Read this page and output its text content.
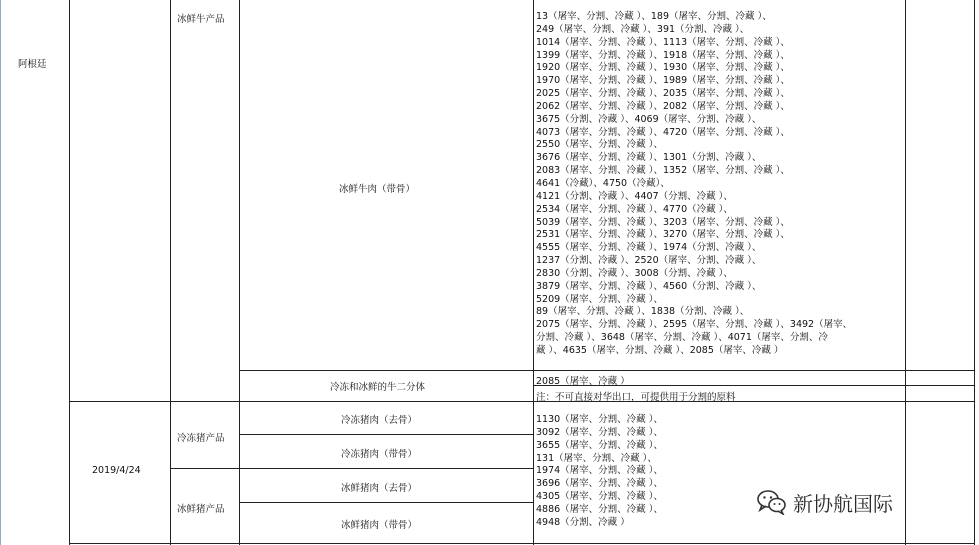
阿根廷
2019/4/24
冰鲜牛产品
冰鲜牛肉（带骨）
13（屠宰、分割、冷藏 ）、189（屠宰、分割、冷藏 ）、
249（屠宰、分割、冷藏 ）、391（分割、冷藏 ）、
1014（屠宰、分割、冷藏 ）、1113（屠宰、分割、冷藏 ）、
1399（屠宰、分割、冷藏 ）、1918（屠宰、分割、冷藏 ）、
1920（屠宰、分割、冷藏 ）、1930（屠宰、分割、冷藏 ）、
1970（屠宰、分割、冷藏 ）、1989（屠宰、分割、冷藏 ）、
2025（屠宰、分割、冷藏 ）、2035（屠宰、分割、冷藏 ）、
2062（屠宰、分割、冷藏 ）、2082（屠宰、分割、冷藏 ）、
3675（分割、冷藏 ）、4069（屠宰、分割、冷藏 ）、
4073（屠宰、分割、冷藏 ）、4720（屠宰、分割、冷藏 ）、
2550（屠宰、分割、冷藏 ）、
3676（屠宰、分割、冷藏 ）、1301（分割、冷藏 ）、
2083（屠宰、分割、冷藏 ）、1352（屠宰、分割、冷藏 ）、
4641（冷藏）、4750（冷藏）、
4121（分割、冷藏 ）、4407（分割、冷藏 ）、
2534（屠宰、分割、冷藏 ）、4770（冷藏 ）、
5039（屠宰、分割、冷藏 ）、3203（屠宰、分割、冷藏 ）、
2531（屠宰、分割、冷藏 ）、3270（屠宰、分割、冷藏 ）、
4555（屠宰、分割、冷藏 ）、1974（分割、冷藏 ）、
1237（分割、冷藏 ）、2520（屠宰、分割、冷藏 ）、
2830（分割、冷藏 ）、3008（分割、冷藏 ）、
3879（屠宰、分割、冷藏 ）、4560（分割、冷藏 ）、
5209（屠宰、分割、冷藏 ）、
89（屠宰、分割、冷藏 ）、1838（分割、冷藏 ）、
2075（屠宰、分割、冷藏 ）、2595（屠宰、分割、冷藏 ）、3492（屠宰、
分割、冷藏 ）、3648（屠宰、分割、冷藏 ）、4071（屠宰、分割、冷
藏 ）、4635（屠宰、分割、冷藏 ）、2085（屠宰、冷藏 ）
冷冻和冰鲜的牛二分体
2085（屠宰、冷藏 ）
注：不可直接对华出口，可提供用于分割的原料
冷冻猪产品
冰鲜猪产品
冷冻猪肉（去骨）
冷冻猪肉（带骨）
冰鲜猪肉（去骨）
冰鲜猪肉（带骨）
1130（屠宰、分割、冷藏 ）、
3092（屠宰、分割、冷藏 ）、
3655（屠宰、分割、冷藏 ）、
131（屠宰、分割、冷藏 ）、
1974（屠宰、分割、冷藏 ）、
3696（屠宰、分割、冷藏 ）、
4305（屠宰、分割、冷藏 ）、
4886（屠宰、分割、冷藏 ）、
4948（分割、冷藏 ）
新协航国际
